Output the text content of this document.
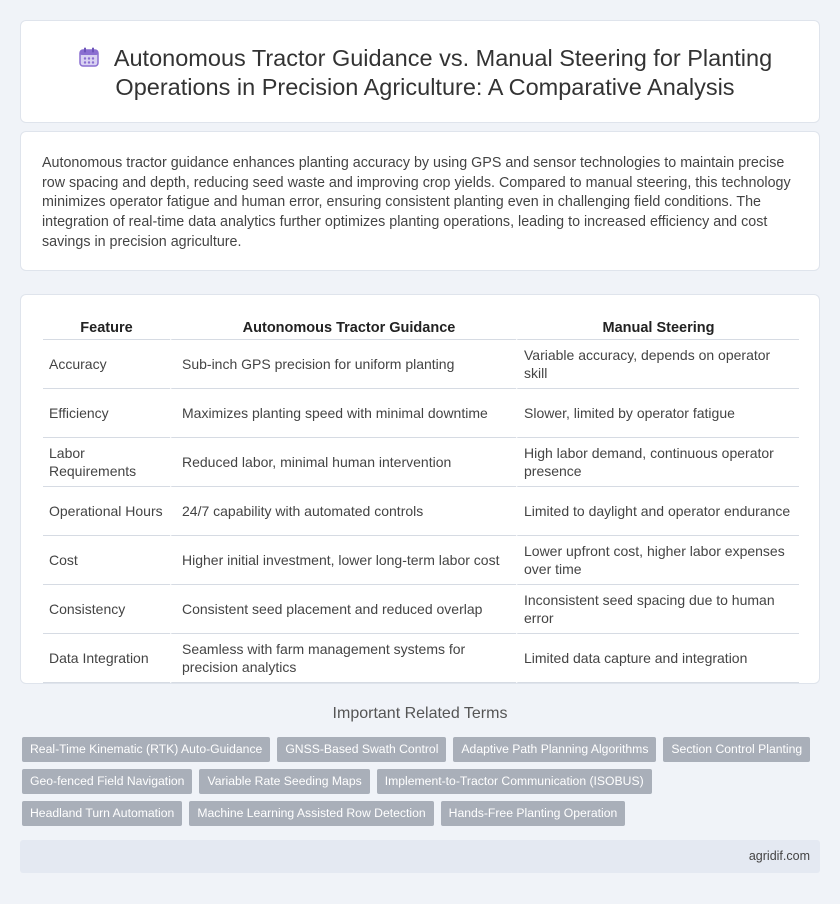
Autonomous Tractor Guidance vs. Manual Steering for Planting Operations in Precision Agriculture: A Comparative Analysis

Autonomous tractor guidance enhances planting accuracy by using GPS and sensor technologies to maintain precise row spacing and depth, reducing seed waste and improving crop yields. Compared to manual steering, this technology minimizes operator fatigue and human error, ensuring consistent planting even in challenging field conditions. The integration of real-time data analytics further optimizes planting operations, leading to increased efficiency and cost savings in precision agriculture.

Feature	Autonomous Tractor Guidance	Manual Steering
Accuracy	Sub-inch GPS precision for uniform planting	Variable accuracy, depends on operator skill
Efficiency	Maximizes planting speed with minimal downtime	Slower, limited by operator fatigue
Labor Requirements	Reduced labor, minimal human intervention	High labor demand, continuous operator presence
Operational Hours	24/7 capability with automated controls	Limited to daylight and operator endurance
Cost	Higher initial investment, lower long-term labor cost	Lower upfront cost, higher labor expenses over time
Consistency	Consistent seed placement and reduced overlap	Inconsistent seed spacing due to human error
Data Integration	Seamless with farm management systems for precision analytics	Limited data capture and integration
Important Related Terms
Real-Time Kinematic (RTK) Auto-Guidance	GNSS-Based Swath Control	Adaptive Path Planning Algorithms	Section Control Planting
Geo-fenced Field Navigation	Variable Rate Seeding Maps	Implement-to-Tractor Communication (ISOBUS)
Headland Turn Automation	Machine Learning Assisted Row Detection	Hands-Free Planting Operation
agridif.com
